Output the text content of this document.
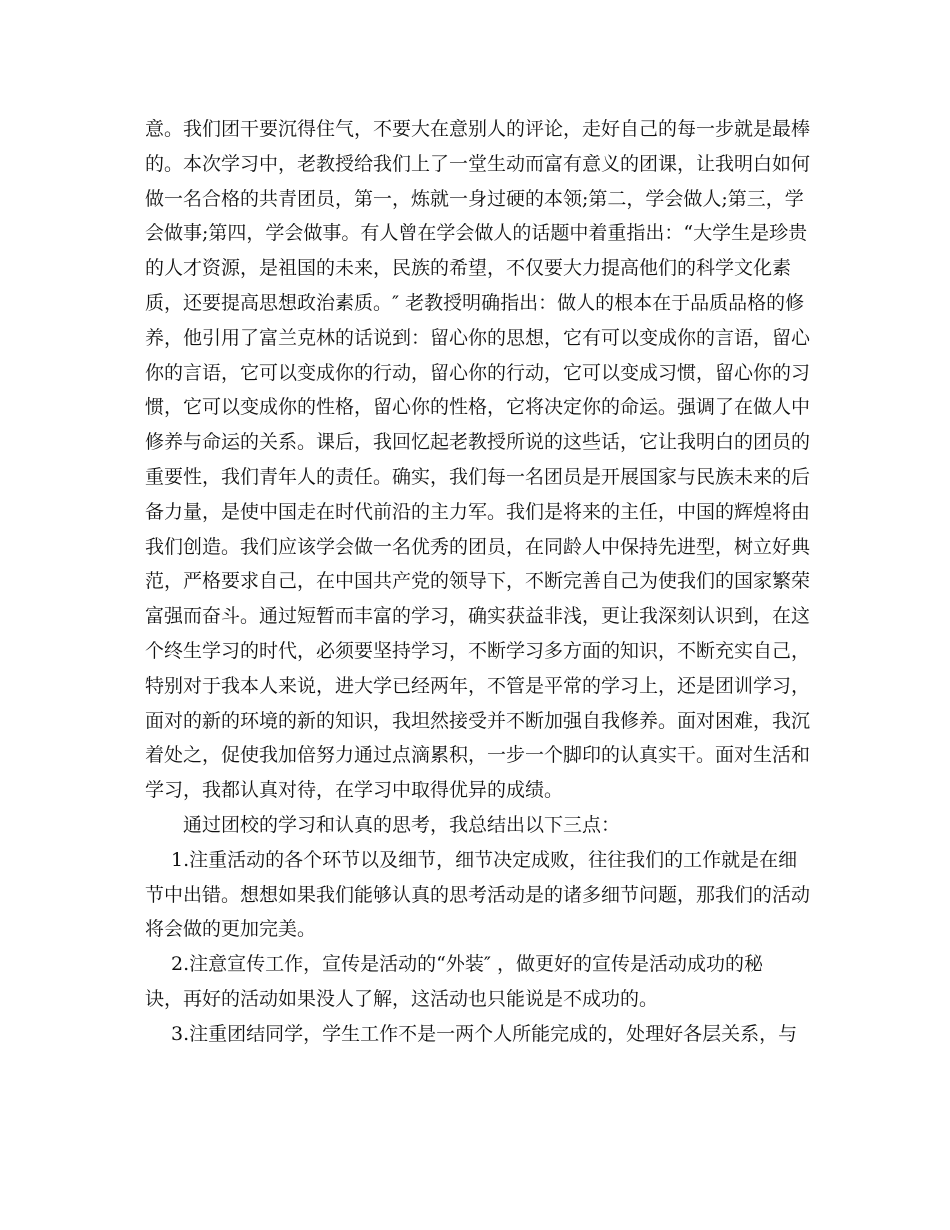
意。我们团干要沉得住气，不要大在意别人的评论，走好自己的每一步就是最棒
的。本次学习中，老教授给我们上了一堂生动而富有意义的团课，让我明白如何
做一名合格的共青团员，第一，炼就一身过硬的本领;第二，学会做人;第三，学
会做事;第四，学会做事。有人曾在学会做人的话题中着重指出：“大学生是珍贵
的人才资源，是祖国的未来，民族的希望，不仅要大力提高他们的科学文化素
质，还要提高思想政治素质。″ 老教授明确指出：做人的根本在于品质品格的修
养，他引用了富兰克林的话说到：留心你的思想，它有可以变成你的言语，留心
你的言语，它可以变成你的行动，留心你的行动，它可以变成习惯，留心你的习
惯，它可以变成你的性格，留心你的性格，它将决定你的命运。强调了在做人中
修养与命运的关系。课后，我回忆起老教授所说的这些话，它让我明白的团员的
重要性，我们青年人的责任。确实，我们每一名团员是开展国家与民族未来的后
备力量，是使中国走在时代前沿的主力军。我们是将来的主任，中国的辉煌将由
我们创造。我们应该学会做一名优秀的团员，在同龄人中保持先进型，树立好典
范，严格要求自己，在中国共产党的领导下，不断完善自己为使我们的国家繁荣
富强而奋斗。通过短暂而丰富的学习，确实获益非浅，更让我深刻认识到，在这
个终生学习的时代，必须要坚持学习，不断学习多方面的知识，不断充实自己，
特别对于我本人来说，进大学已经两年，不管是平常的学习上，还是团训学习，
面对的新的环境的新的知识，我坦然接受并不断加强自我修养。面对困难，我沉
着处之，促使我加倍努力通过点滴累积，一步一个脚印的认真实干。面对生活和
学习，我都认真对待，在学习中取得优异的成绩。
通过团校的学习和认真的思考，我总结出以下三点：
1.注重活动的各个环节以及细节，细节决定成败，往往我们的工作就是在细
节中出错。想想如果我们能够认真的思考活动是的诸多细节问题，那我们的活动
将会做的更加完美。
2.注意宣传工作，宣传是活动的“外装″ ，做更好的宣传是活动成功的秘
诀，再好的活动如果没人了解，这活动也只能说是不成功的。
3.注重团结同学，学生工作不是一两个人所能完成的，处理好各层关系，与
